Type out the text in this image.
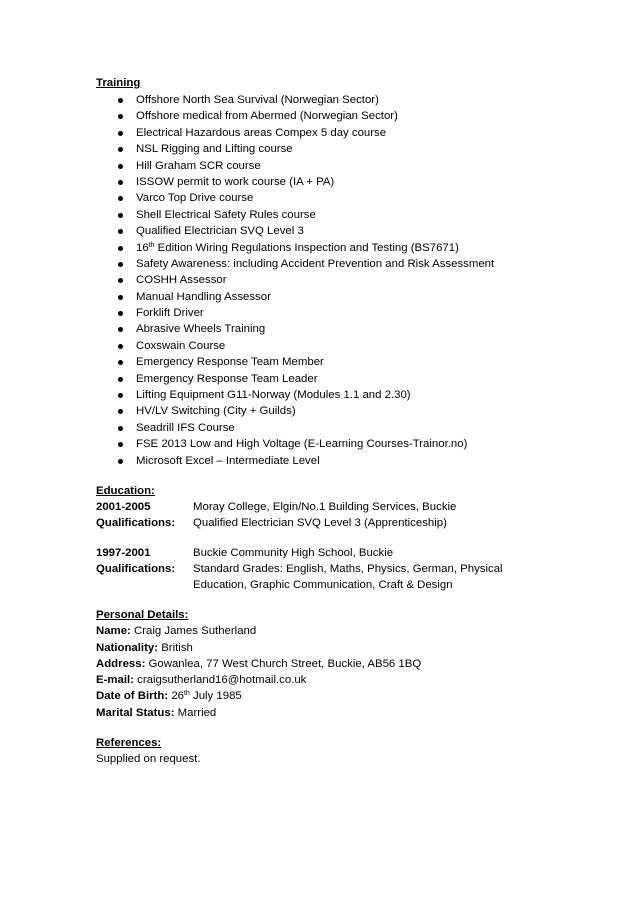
Training
Offshore North Sea Survival (Norwegian Sector)
Offshore medical from Abermed (Norwegian Sector)
Electrical Hazardous areas Compex 5 day course
NSL Rigging and Lifting course
Hill Graham SCR course
ISSOW permit to work course (IA + PA)
Varco Top Drive course
Shell Electrical Safety Rules course
Qualified Electrician SVQ Level 3
16th Edition Wiring Regulations Inspection and Testing (BS7671)
Safety Awareness: including Accident Prevention and Risk Assessment
COSHH Assessor
Manual Handling Assessor
Forklift Driver
Abrasive Wheels Training
Coxswain Course
Emergency Response Team Member
Emergency Response Team Leader
Lifting Equipment G11-Norway (Modules 1.1 and 2.30)
HV/LV Switching (City + Guilds)
Seadrill IFS Course
FSE 2013 Low and High Voltage (E-Learning Courses-Trainor.no)
Microsoft Excel – Intermediate Level
Education:
2001-2005	Moray College, Elgin/No.1 Building Services, Buckie
Qualifications: Qualified Electrician SVQ Level 3 (Apprenticeship)
1997-2001	Buckie Community High School, Buckie
Qualifications: Standard Grades: English, Maths, Physics, German, Physical
Education, Graphic Communication, Craft & Design
Personal Details:
Name: Craig James Sutherland
Nationality: British
Address: Gowanlea, 77 West Church Street, Buckie, AB56 1BQ
E-mail: craigsutherland16@hotmail.co.uk
Date of Birth: 26th July 1985
Marital Status: Married
References:
Supplied on request.
